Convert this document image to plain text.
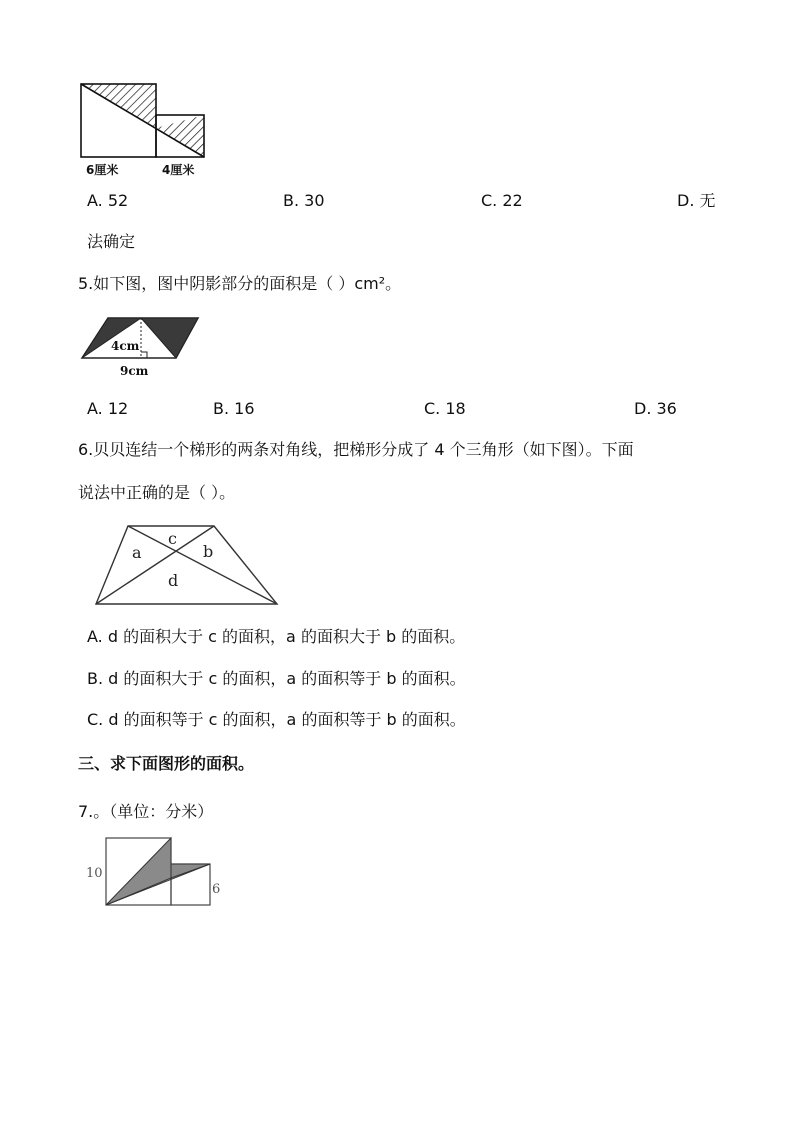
6厘米	4厘米
A. 52	B. 30	C. 22	D. 无
法确定
5.如下图，图中阴影部分的面积是（ ）cm²。
4cm
9cm
A. 12	B. 16	C. 18	D. 36
6.贝贝连结一个梯形的两条对角线，把梯形分成了 4 个三角形（如下图）。下面
说法中正确的是（ ）。
c
a	b
d
A. d 的面积大于 c 的面积，a 的面积大于 b 的面积。
B. d 的面积大于 c 的面积，a 的面积等于 b 的面积。
C. d 的面积等于 c 的面积，a 的面积等于 b 的面积。
三、求下面图形的面积。
7.。（单位：分米）
10
6
